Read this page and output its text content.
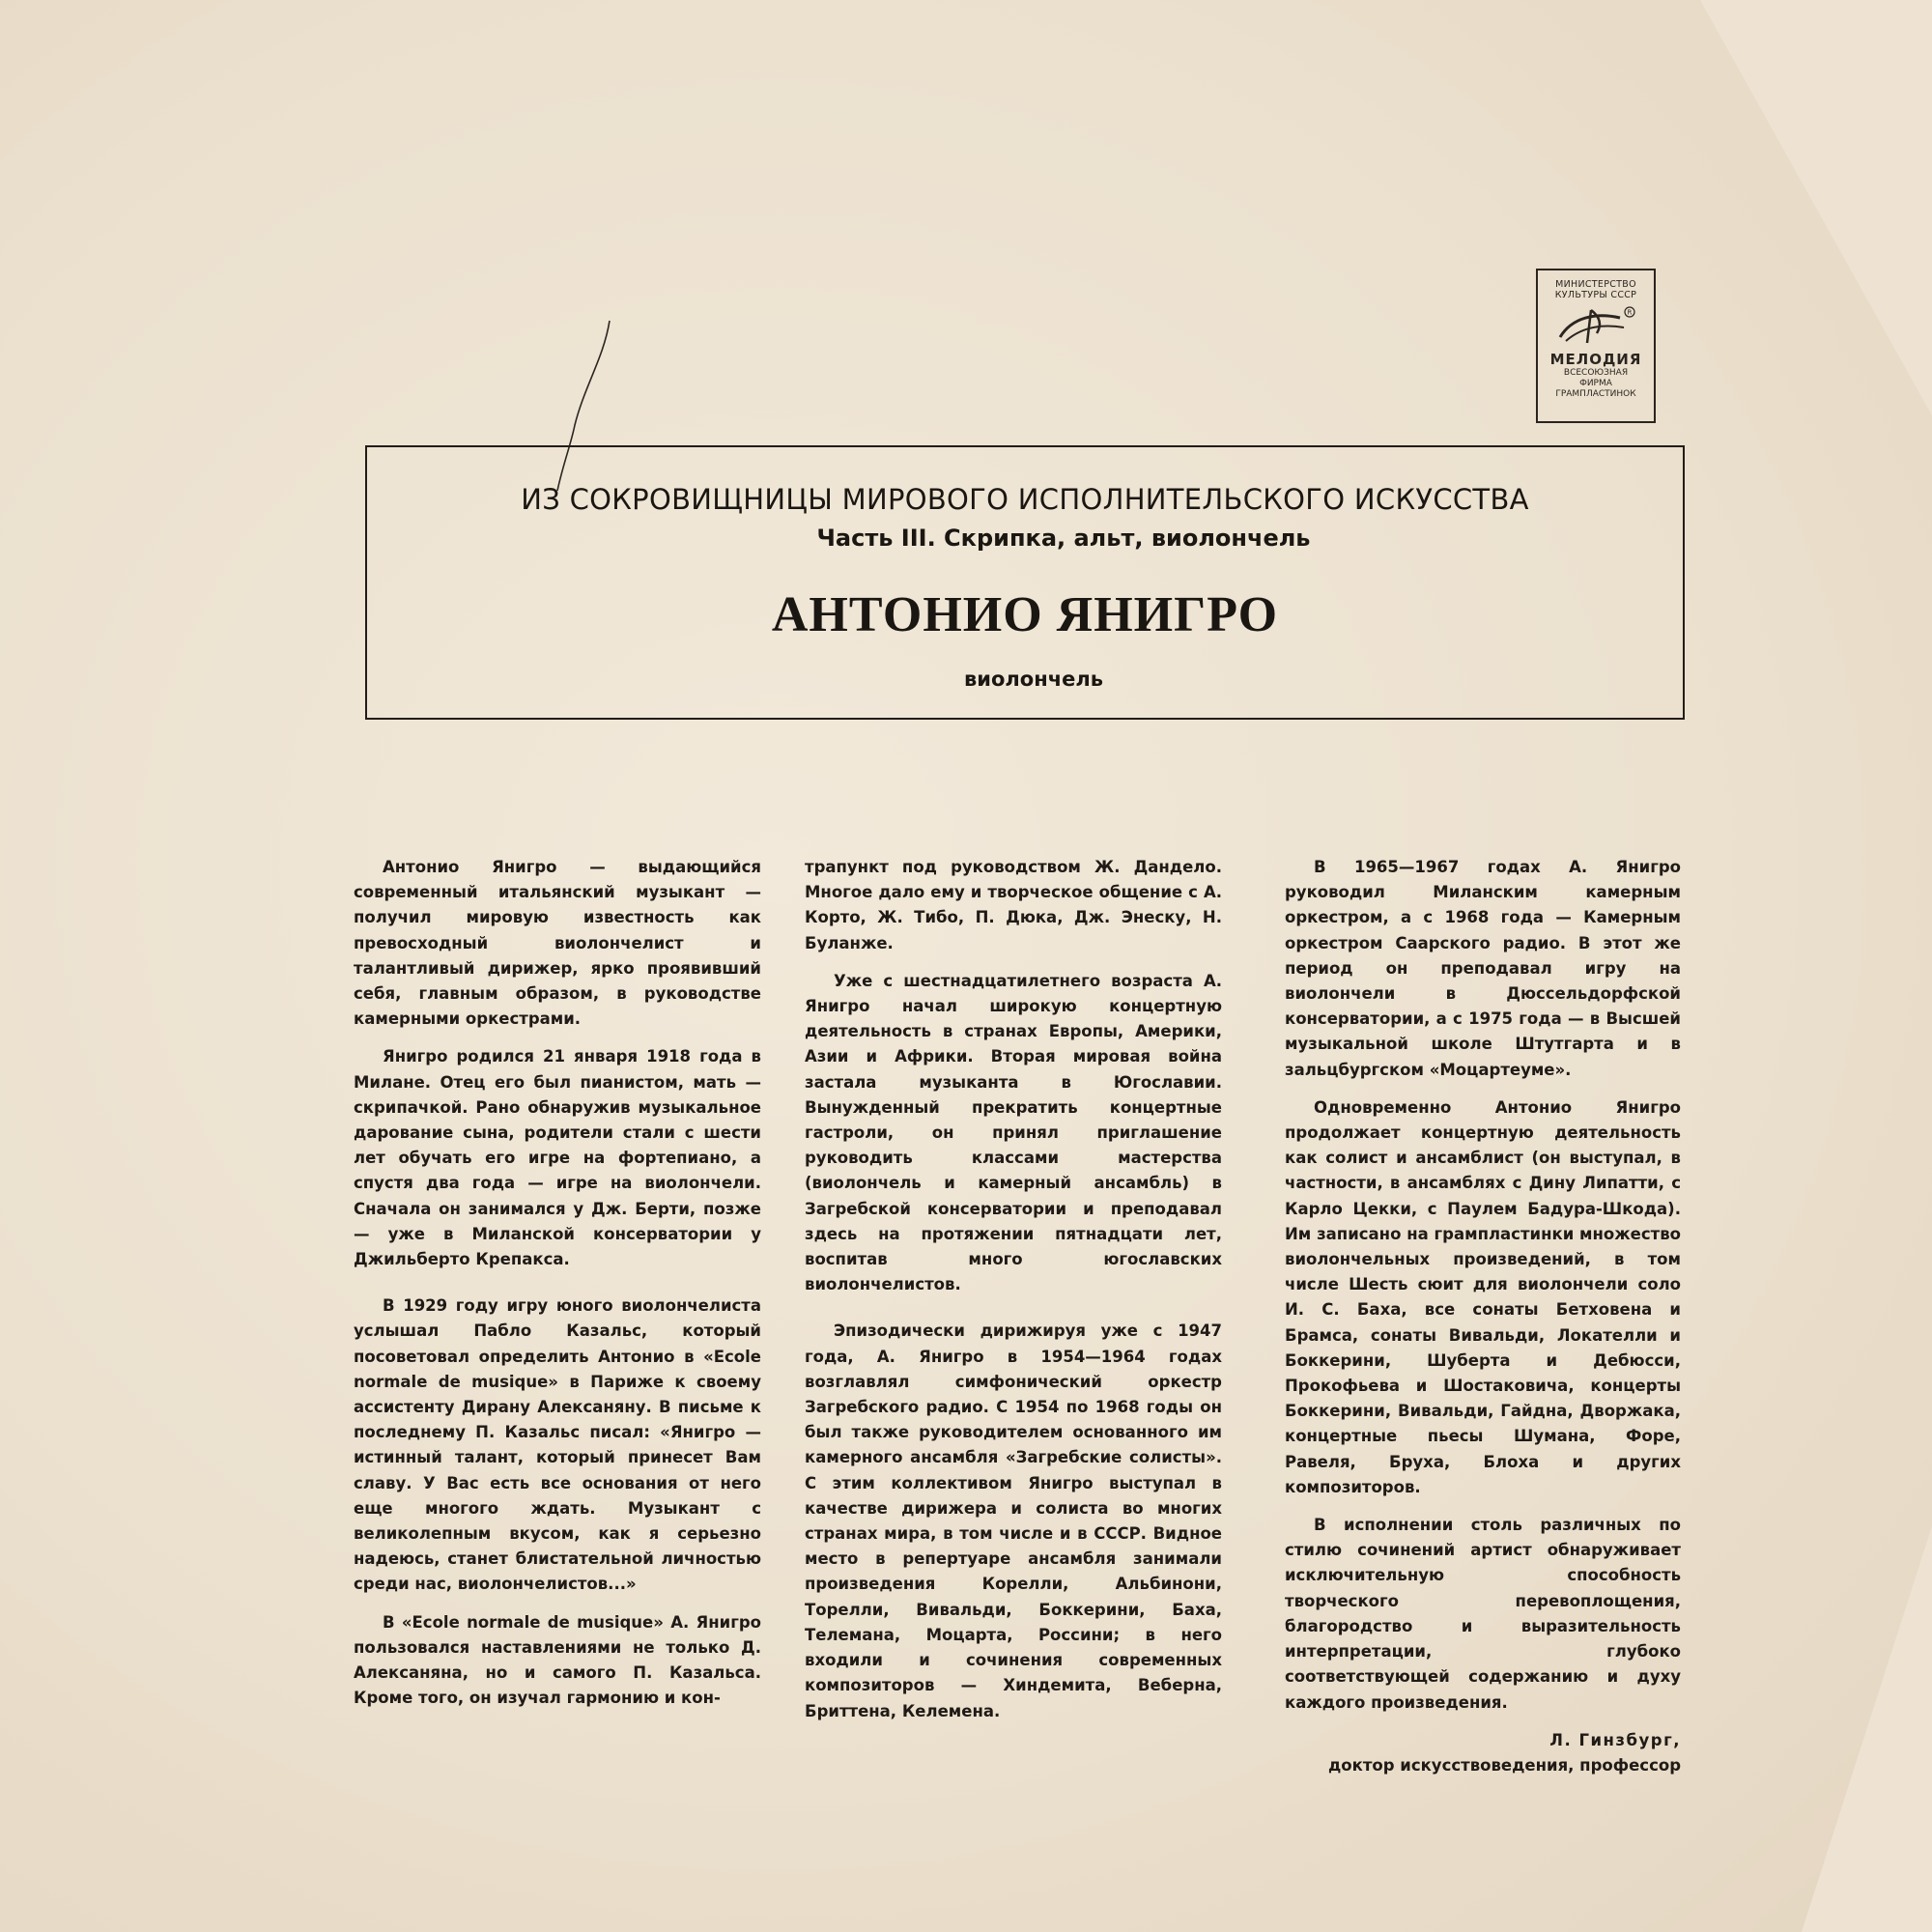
МИНИСТЕРСТВО
КУЛЬТУРЫ СССР
R
МЕЛОДИЯ
ВСЕСОЮЗНАЯ
ФИРМА
ГРАМПЛАСТИНОК
ИЗ СОКРОВИЩНИЦЫ МИРОВОГО ИСПОЛНИТЕЛЬСКОГО ИСКУССТВА
Часть III. Скрипка, альт, виолончель
АНТОНИО ЯНИГРО
виолончель

Антонио Янигро — выдающийся современный итальянский музыкант — получил мировую известность как превосходный виолончелист и талантливый дирижер, ярко проявивший себя, главным образом, в руководстве камерными оркестрами.

Янигро родился 21 января 1918 года в Милане. Отец его был пианистом, мать — скрипачкой. Рано обнаружив музыкальное дарование сына, родители стали с шести лет обучать его игре на фортепиано, а спустя два года — игре на виолончели. Сначала он занимался у Дж. Берти, позже — уже в Миланской консерватории у Джильберто Крепакса.

В 1929 году игру юного виолончелиста услышал Пабло Казальс, который посоветовал определить Антонио в «Ecole normale de musique» в Париже к своему ассистенту Дирану Алексаняну. В письме к последнему П. Казальс писал: «Янигро — истинный талант, который принесет Вам славу. У Вас есть все основания от него еще многого ждать. Музыкант с великолепным вкусом, как я серьезно надеюсь, станет блистательной личностью среди нас, виолончелистов...»

В «Ecole normale de musique» А. Янигро пользовался наставлениями не только Д. Алексаняна, но и самого П. Казальса. Кроме того, он изучал гармонию и кон-

трапункт под руководством Ж. Дандело. Многое дало ему и творческое общение с А. Корто, Ж. Тибо, П. Дюка, Дж. Энеску, Н. Буланже.

Уже с шестнадцатилетнего возраста А. Янигро начал широкую концертную деятельность в странах Европы, Америки, Азии и Африки. Вторая мировая война застала музыканта в Югославии. Вынужденный прекратить концертные гастроли, он принял приглашение руководить классами мастерства (виолончель и камерный ансамбль) в Загребской консерватории и преподавал здесь на протяжении пятнадцати лет, воспитав много югославских виолончелистов.

Эпизодически дирижируя уже с 1947 года, А. Янигро в 1954—1964 годах возглавлял симфонический оркестр Загребского радио. С 1954 по 1968 годы он был также руководителем основанного им камерного ансамбля «Загребские солисты». С этим коллективом Янигро выступал в качестве дирижера и солиста во многих странах мира, в том числе и в СССР. Видное место в репертуаре ансамбля занимали произведения Корелли, Альбинони, Торелли, Вивальди, Боккерини, Баха, Телемана, Моцарта, Россини; в него входили и сочинения современных композиторов — Хиндемита, Веберна, Бриттена, Келемена.

В 1965—1967 годах А. Янигро руководил Миланским камерным оркестром, а с 1968 года — Камерным оркестром Саарского радио. В этот же период он преподавал игру на виолончели в Дюссельдорфской консерватории, а с 1975 года — в Высшей музыкальной школе Штутгарта и в зальцбургском «Моцартеуме».

Одновременно Антонио Янигро продолжает концертную деятельность как солист и ансамблист (он выступал, в частности, в ансамблях с Дину Липатти, с Карло Цекки, с Паулем Бадура-Шкода). Им записано на грампластинки множество виолончельных произведений, в том числе Шесть сюит для виолончели соло И. С. Баха, все сонаты Бетховена и Брамса, сонаты Вивальди, Локателли и Боккерини, Шуберта и Дебюсси, Прокофьева и Шостаковича, концерты Боккерини, Вивальди, Гайдна, Дворжака, концертные пьесы Шумана, Форе, Равеля, Бруха, Блоха и других композиторов.

В исполнении столь различных по стилю сочинений артист обнаруживает исключительную способность творческого перевоплощения, благородство и выразительность интерпретации, глубоко соответствующей содержанию и духу каждого произведения.

Л. Гинзбург,
доктор искусствоведения, профессор
